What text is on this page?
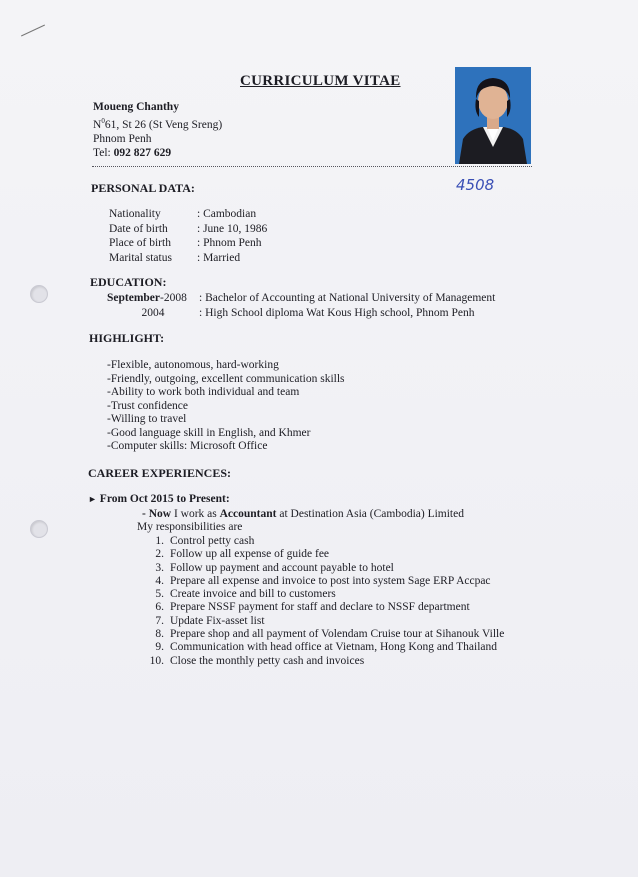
CURRICULUM VITAE
Moueng Chanthy
$N^061$, St 26 (St Veng Sreng)
Phnom Penh
Tel: 092 827 629
4508
PERSONAL DATA:
Nationality	: Cambodian
Date of birth	: June 10, 1986
Place of birth : Phnom Penh
Marital status : Married
EDUCATION:
September-2008 : Bachelor of Accounting at National University of Management
2004	: High School diploma Wat Kous High school, Phnom Penh
HIGHLIGHT:
-Flexible, autonomous, hard-working
-Friendly, outgoing, excellent communication skills
-Ability to work both individual and team
-Trust confidence
-Willing to travel
-Good language skill in English, and Khmer
-Computer skills: Microsoft Office
CAREER EXPERIENCES:
► From Oct 2015 to Present:
- Now I work as Accountant at Destination Asia (Cambodia) Limited
My responsibilities are
1. Control petty cash
2. Follow up all expense of guide fee
3. Follow up payment and account payable to hotel
4. Prepare all expense and invoice to post into system Sage ERP Accpac
5. Create invoice and bill to customers
6. Prepare NSSF payment for staff and declare to NSSF department
7. Update Fix-asset list
8. Prepare shop and all payment of Volendam Cruise tour at Sihanouk Ville
9. Communication with head office at Vietnam, Hong Kong and Thailand
10. Close the monthly petty cash and invoices
